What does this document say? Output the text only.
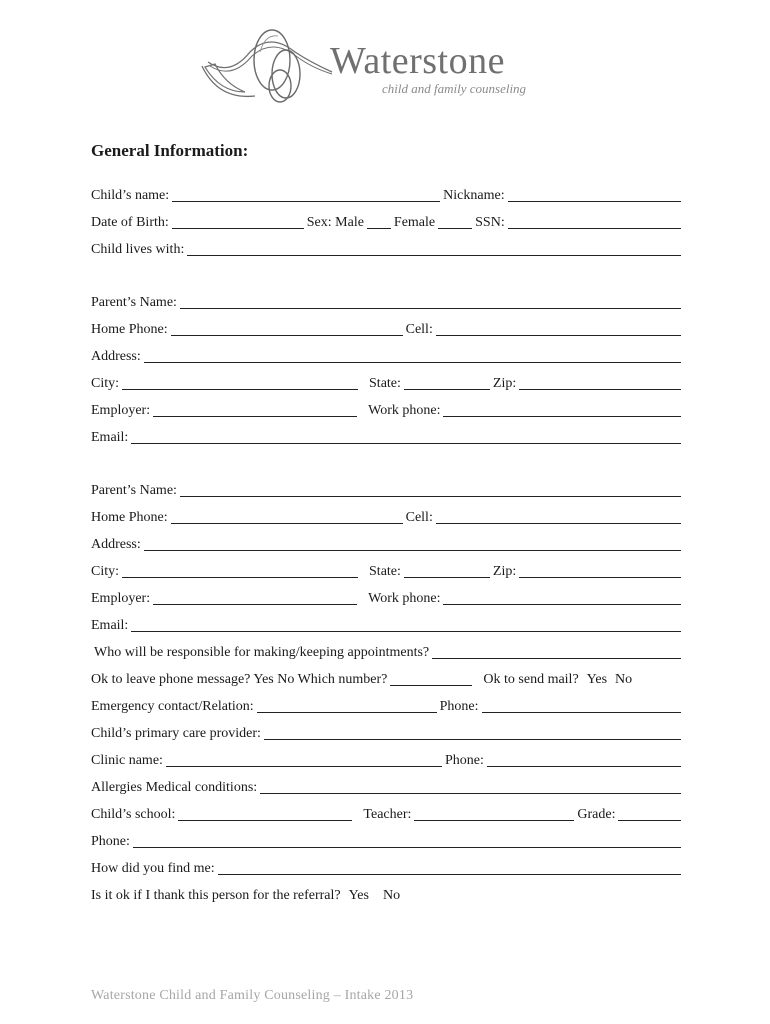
Waterstone
child and family counseling
General Information:
Child’s name:	Nickname:
Date of Birth:	Sex: Male Female	SSN:
Child lives with:
Parent’s Name:
Home Phone:	Cell:
Address:
City:	State:	Zip:
Employer:	Work phone:
Email:
Parent’s Name:
Home Phone:	Cell:
Address:
City:	State:	Zip:
Employer:	Work phone:
Email:
Who will be responsible for making/keeping appointments?
Ok to leave phone message? Yes No Which number?	Ok to send mail? Yes No
Emergency contact/Relation:	Phone:
Child’s primary care provider:
Clinic name:	Phone:
Allergies Medical conditions:
Child’s school:	Teacher:	Grade:
Phone:
How did you find me:
Is it ok if I thank this person for the referral? Yes No
Waterstone Child and Family Counseling – Intake 2013
